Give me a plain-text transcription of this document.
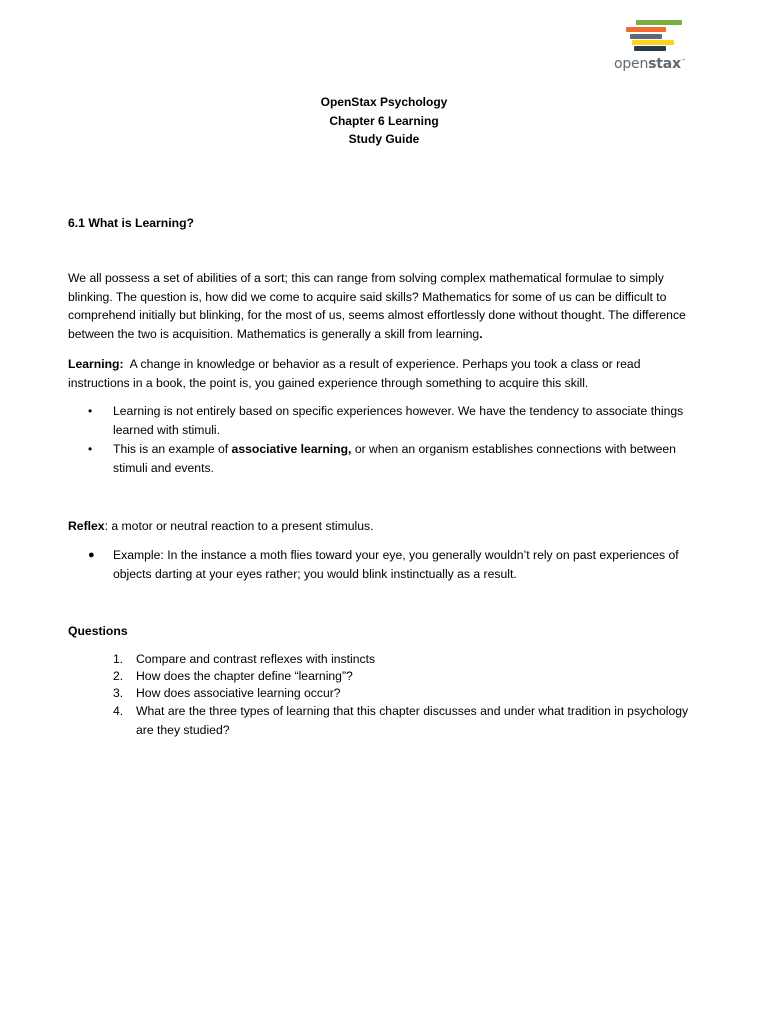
openstax™
OpenStax Psychology
Chapter 6 Learning
Study Guide
6.1 What is Learning?
We all possess a set of abilities of a sort; this can range from solving complex mathematical formulae to simply blinking. The question is, how did we come to acquire said skills? Mathematics for some of us can be difficult to comprehend initially but blinking, for the most of us, seems almost effortlessly done without thought. The difference between the two is acquisition. Mathematics is generally a skill from learning.
Learning: A change in knowledge or behavior as a result of experience. Perhaps you took a class or read instructions in a book, the point is, you gained experience through something to acquire this skill.
• Learning is not entirely based on specific experiences however. We have the tendency to associate things learned with stimuli.
• This is an example of associative learning, or when an organism establishes connections with between stimuli and events.
Reflex: a motor or neutral reaction to a present stimulus.
● Example: In the instance a moth flies toward your eye, you generally wouldn’t rely on past experiences of objects darting at your eyes rather; you would blink instinctually as a result.
Questions
1.	Compare and contrast reflexes with instincts
2.	How does the chapter define “learning”?
3.	How does associative learning occur?
4.	What are the three types of learning that this chapter discusses and under what tradition in psychology are they studied?
